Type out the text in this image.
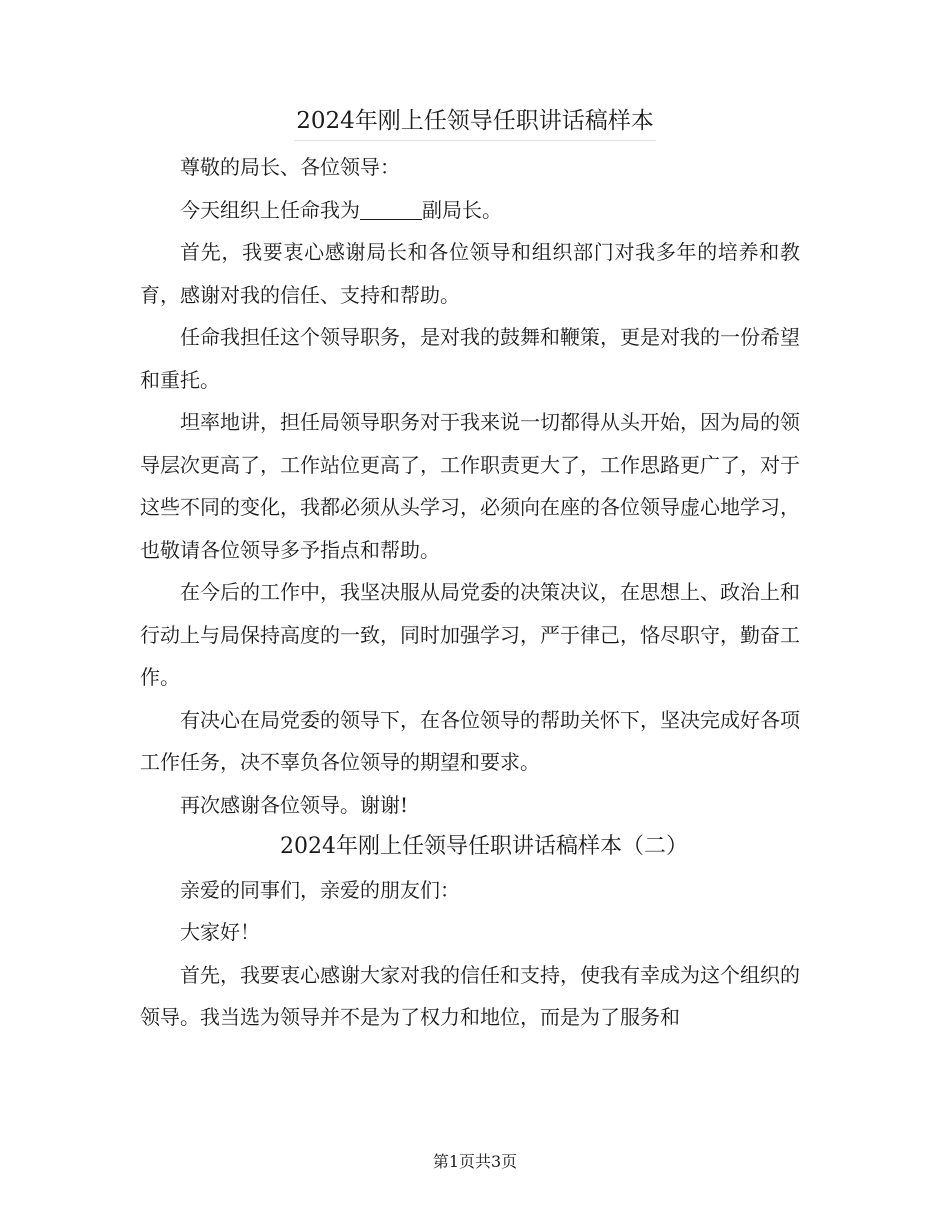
2024年刚上任领导任职讲话稿样本

尊敬的局长、各位领导：

今天组织上任命我为	副局长。

首先，我要衷心感谢局长和各位领导和组织部门对我多年的培养和教育，感谢对我的信任、支持和帮助。

任命我担任这个领导职务，是对我的鼓舞和鞭策，更是对我的一份希望和重托。

坦率地讲，担任局领导职务对于我来说一切都得从头开始，因为局的领导层次更高了，工作站位更高了，工作职责更大了，工作思路更广了，对于这些不同的变化，我都必须从头学习，必须向在座的各位领导虚心地学习，也敬请各位领导多予指点和帮助。

在今后的工作中，我坚决服从局党委的决策决议，在思想上、政治上和行动上与局保持高度的一致，同时加强学习，严于律己，恪尽职守，勤奋工作。

有决心在局党委的领导下，在各位领导的帮助关怀下，坚决完成好各项工作任务，决不辜负各位领导的期望和要求。

再次感谢各位领导。谢谢!

2024年刚上任领导任职讲话稿样本（二）

亲爱的同事们，亲爱的朋友们：

大家好！

首先，我要衷心感谢大家对我的信任和支持，使我有幸成为这个组织的领导。我当选为领导并不是为了权力和地位，而是为了服务和

第1页共3页
